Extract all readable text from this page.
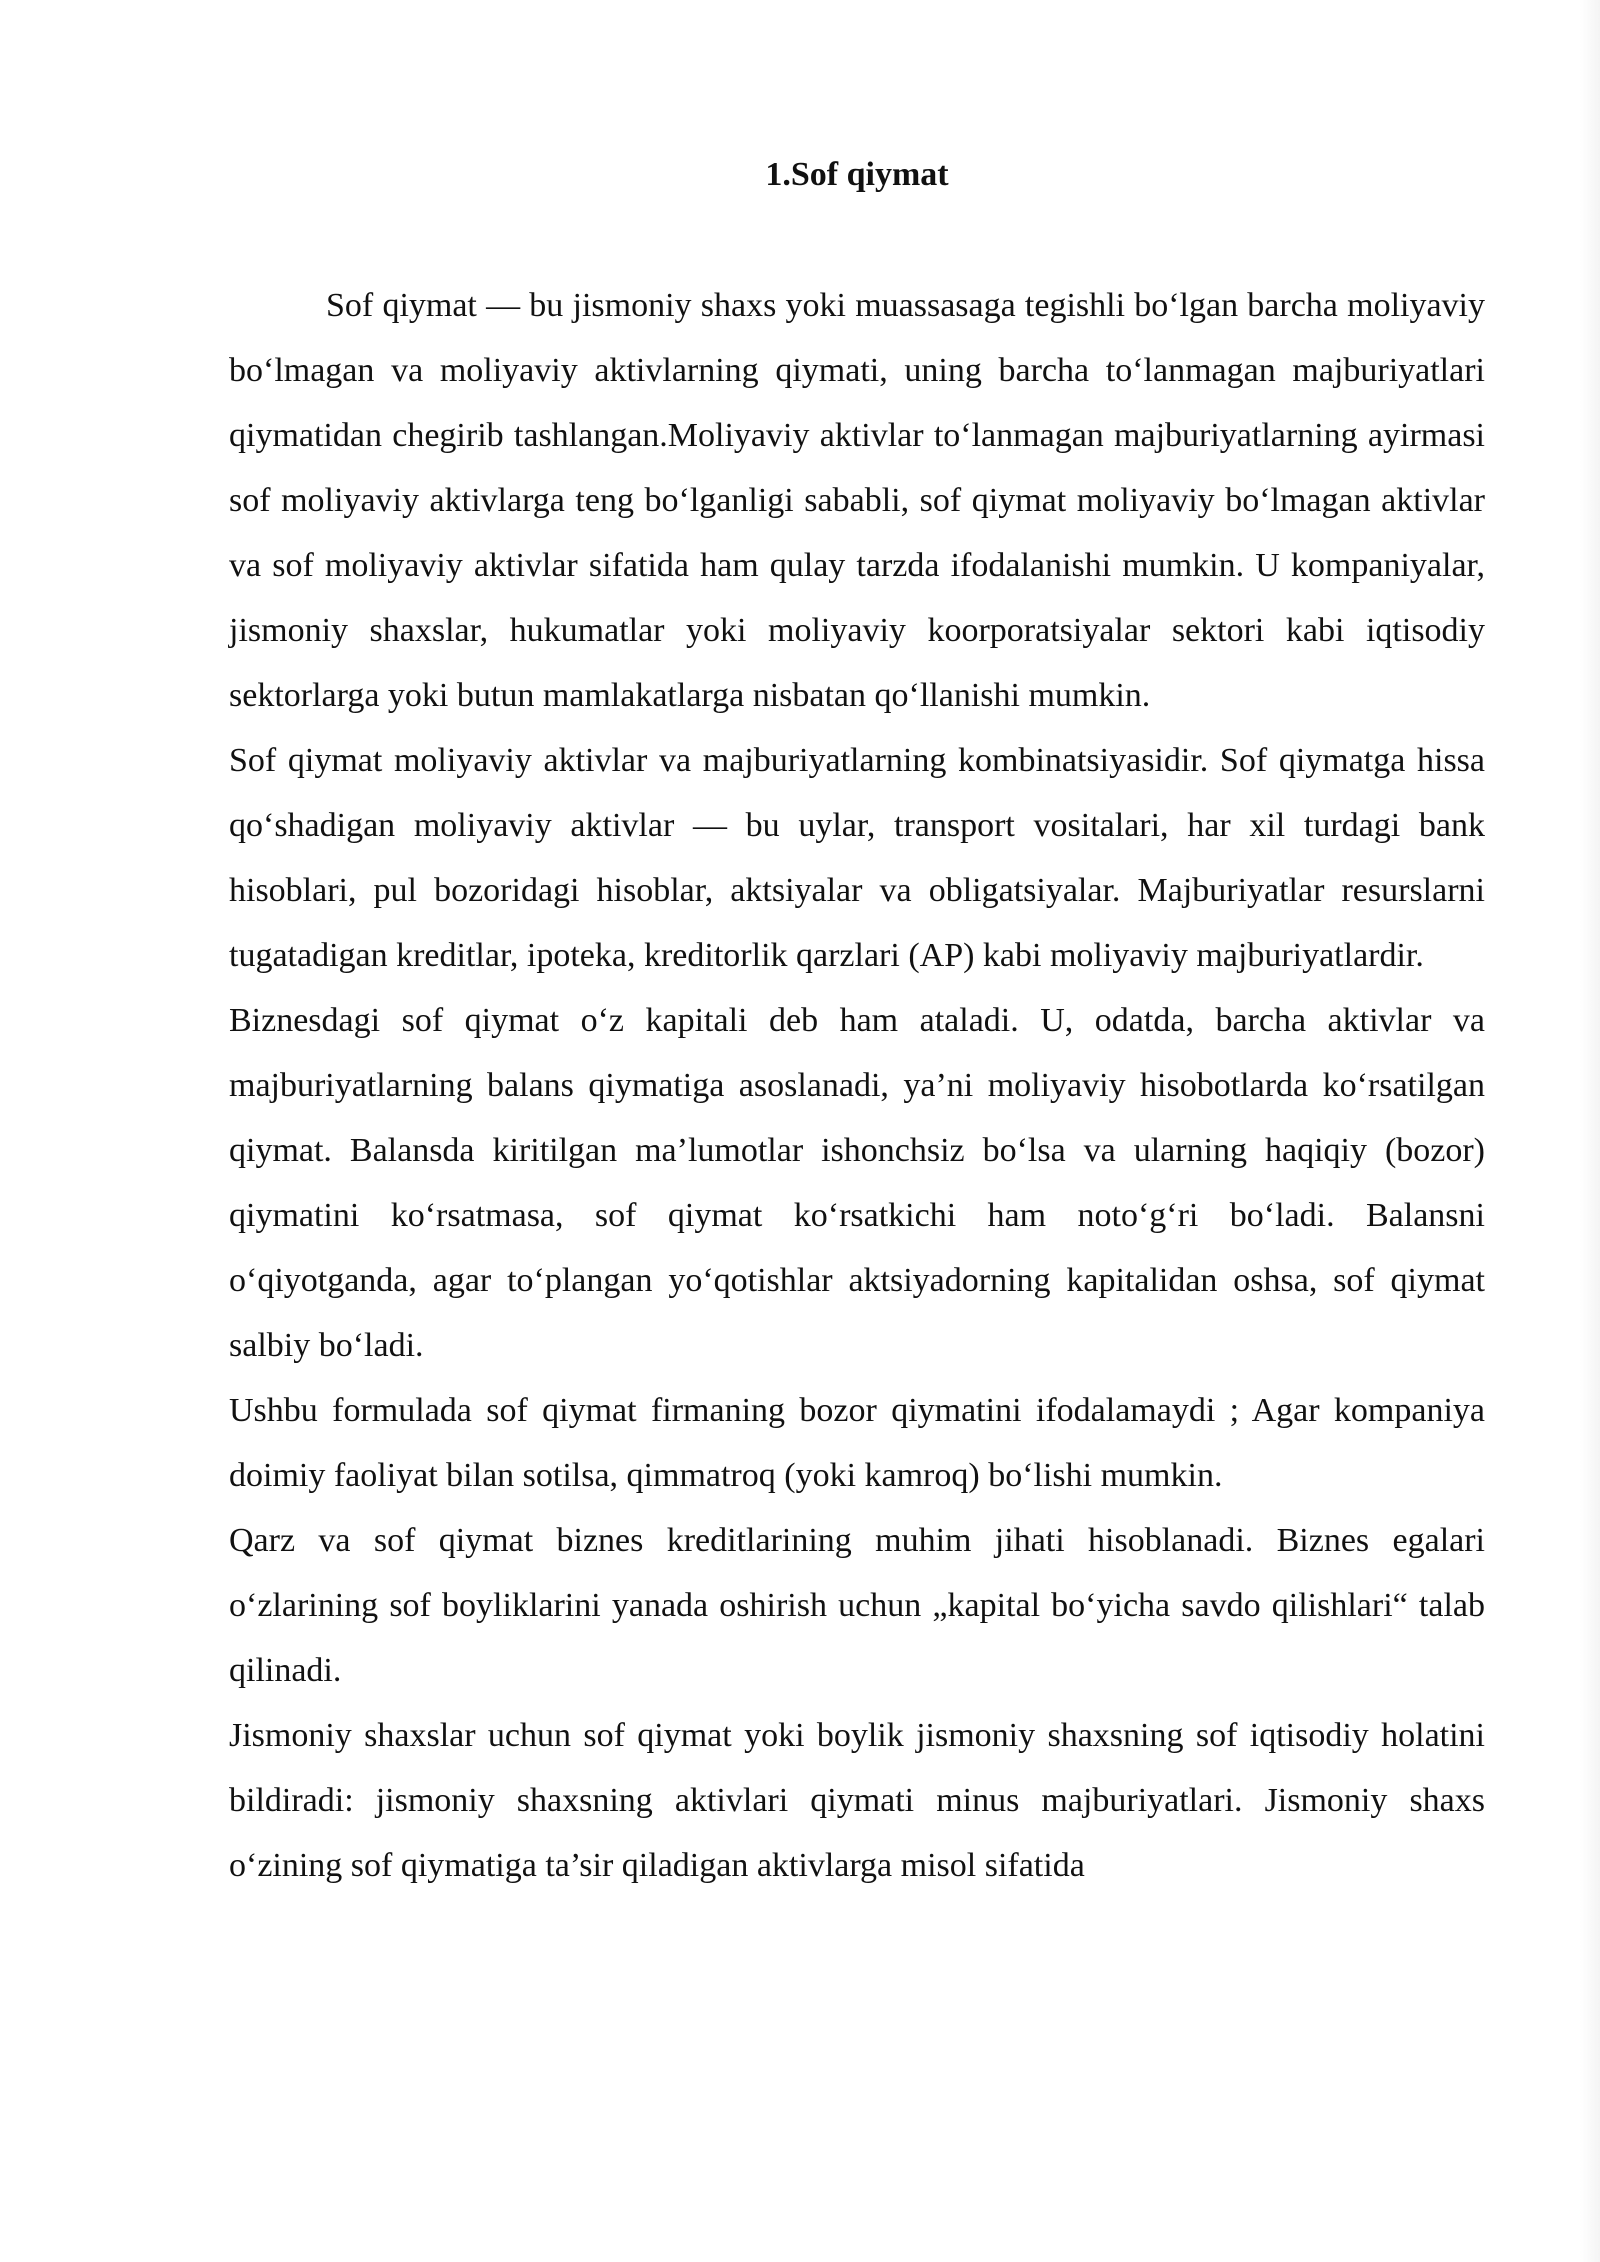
1.Sof qiymat

Sof qiymat — bu jismoniy shaxs yoki muassasaga tegishli bo‘lgan barcha moliyaviy bo‘lmagan va moliyaviy aktivlarning qiymati, uning barcha to‘lanmagan majburiyatlari qiymatidan chegirib tashlangan.Moliyaviy aktivlar to‘lanmagan majburiyatlarning ayirmasi sof moliyaviy aktivlarga teng bo‘lganligi sababli, sof qiymat moliyaviy bo‘lmagan aktivlar va sof moliyaviy aktivlar sifatida ham qulay tarzda ifodalanishi mumkin. U kompaniyalar, jismoniy shaxslar, hukumatlar yoki moliyaviy koorporatsiyalar sektori kabi iqtisodiy sektorlarga yoki butun mamlakatlarga nisbatan qo‘llanishi mumkin.

Sof qiymat moliyaviy aktivlar va majburiyatlarning kombinatsiyasidir. Sof qiymatga hissa qo‘shadigan moliyaviy aktivlar — bu uylar, transport vositalari, har xil turdagi bank hisoblari, pul bozoridagi hisoblar, aktsiyalar va obligatsiyalar. Majburiyatlar resurslarni tugatadigan kreditlar, ipoteka, kreditorlik qarzlari (AP) kabi moliyaviy majburiyatlardir.

Biznesdagi sof qiymat o‘z kapitali deb ham ataladi. U, odatda, barcha aktivlar va majburiyatlarning balans qiymatiga asoslanadi, ya’ni moliyaviy hisobotlarda ko‘rsatilgan qiymat. Balansda kiritilgan ma’lumotlar ishonchsiz bo‘lsa va ularning haqiqiy (bozor) qiymatini ko‘rsatmasa, sof qiymat ko‘rsatkichi ham noto‘g‘ri bo‘ladi. Balansni o‘qiyotganda, agar to‘plangan yo‘qotishlar aktsiyadorning kapitalidan oshsa, sof qiymat salbiy bo‘ladi.

Ushbu formulada sof qiymat firmaning bozor qiymatini ifodalamaydi ; Agar kompaniya doimiy faoliyat bilan sotilsa, qimmatroq (yoki kamroq) bo‘lishi mumkin.

Qarz va sof qiymat biznes kreditlarining muhim jihati hisoblanadi. Biznes egalari o‘zlarining sof boyliklarini yanada oshirish uchun „kapital bo‘yicha savdo qilishlari“ talab qilinadi.

Jismoniy shaxslar uchun sof qiymat yoki boylik jismoniy shaxsning sof iqtisodiy holatini bildiradi: jismoniy shaxsning aktivlari qiymati minus majburiyatlari. Jismoniy shaxs o‘zining sof qiymatiga ta’sir qiladigan aktivlarga misol sifatida
